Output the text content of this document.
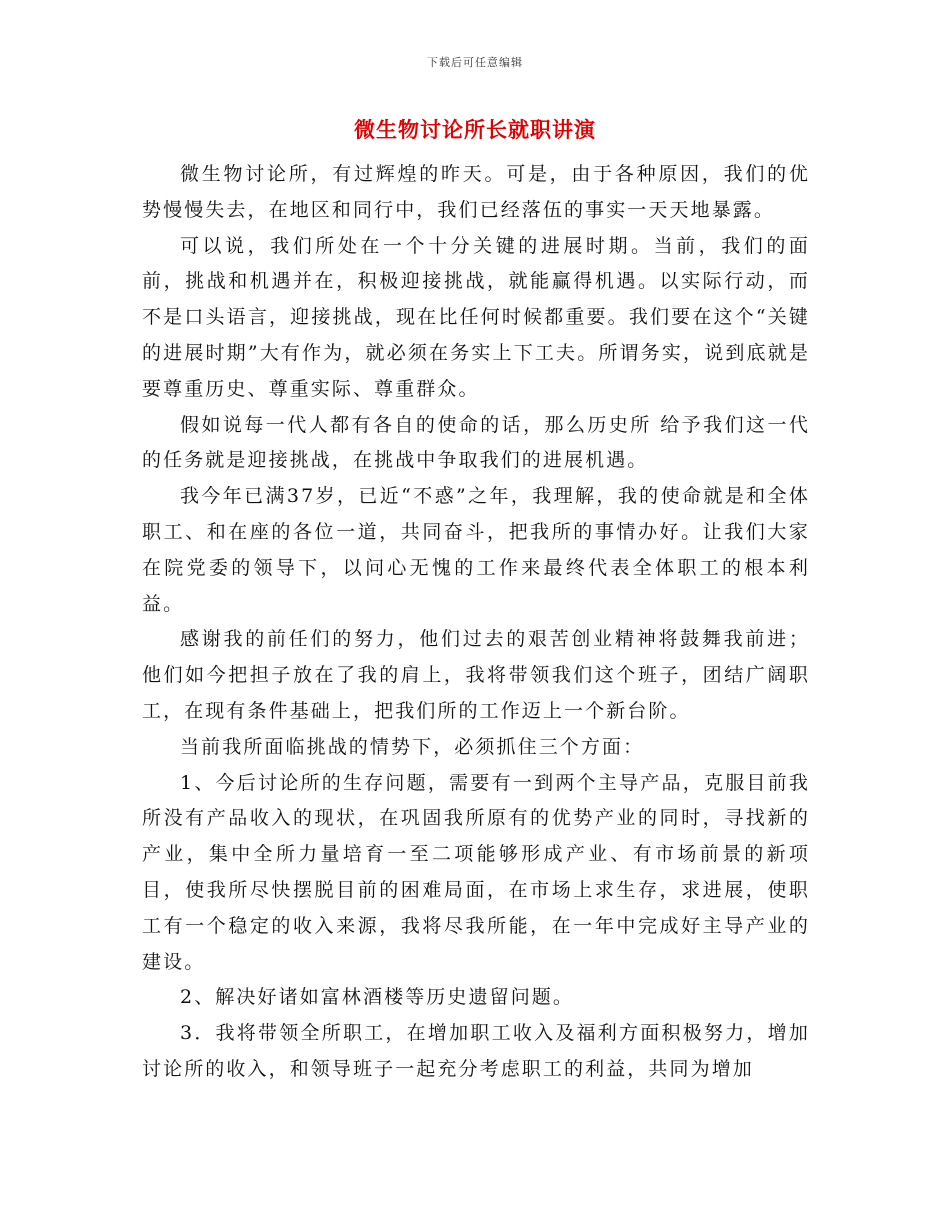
下载后可任意编辑
微生物讨论所长就职讲演

微生物讨论所，有过辉煌的昨天。可是，由于各种原因，我们的优势慢慢失去，在地区和同行中，我们已经落伍的事实一天天地暴露。

可以说，我们所处在一个十分关键的进展时期。当前，我们的面前，挑战和机遇并在，积极迎接挑战，就能赢得机遇。以实际行动，而不是口头语言，迎接挑战，现在比任何时候都重要。我们要在这个“关键的进展时期”大有作为，就必须在务实上下工夫。所谓务实，说到底就是要尊重历史、尊重实际、尊重群众。

假如说每一代人都有各自的使命的话，那么历史所 给予我们这一代的任务就是迎接挑战，在挑战中争取我们的进展机遇。

我今年已满37岁，已近“不惑”之年，我理解，我的使命就是和全体职工、和在座的各位一道，共同奋斗，把我所的事情办好。让我们大家在院党委的领导下，以问心无愧的工作来最终代表全体职工的根本利益。

感谢我的前任们的努力，他们过去的艰苦创业精神将鼓舞我前进；他们如今把担子放在了我的肩上，我将带领我们这个班子，团结广阔职工，在现有条件基础上，把我们所的工作迈上一个新台阶。

当前我所面临挑战的情势下，必须抓住三个方面：

1、今后讨论所的生存问题，需要有一到两个主导产品，克服目前我所没有产品收入的现状，在巩固我所原有的优势产业的同时，寻找新的产业，集中全所力量培育一至二项能够形成产业、有市场前景的新项目，使我所尽快摆脱目前的困难局面，在市场上求生存，求进展，使职工有一个稳定的收入来源，我将尽我所能，在一年中完成好主导产业的建设。

2、解决好诸如富林酒楼等历史遗留问题。

3．我将带领全所职工，在增加职工收入及福利方面积极努力，增加讨论所的收入，和领导班子一起充分考虑职工的利益，共同为增加
